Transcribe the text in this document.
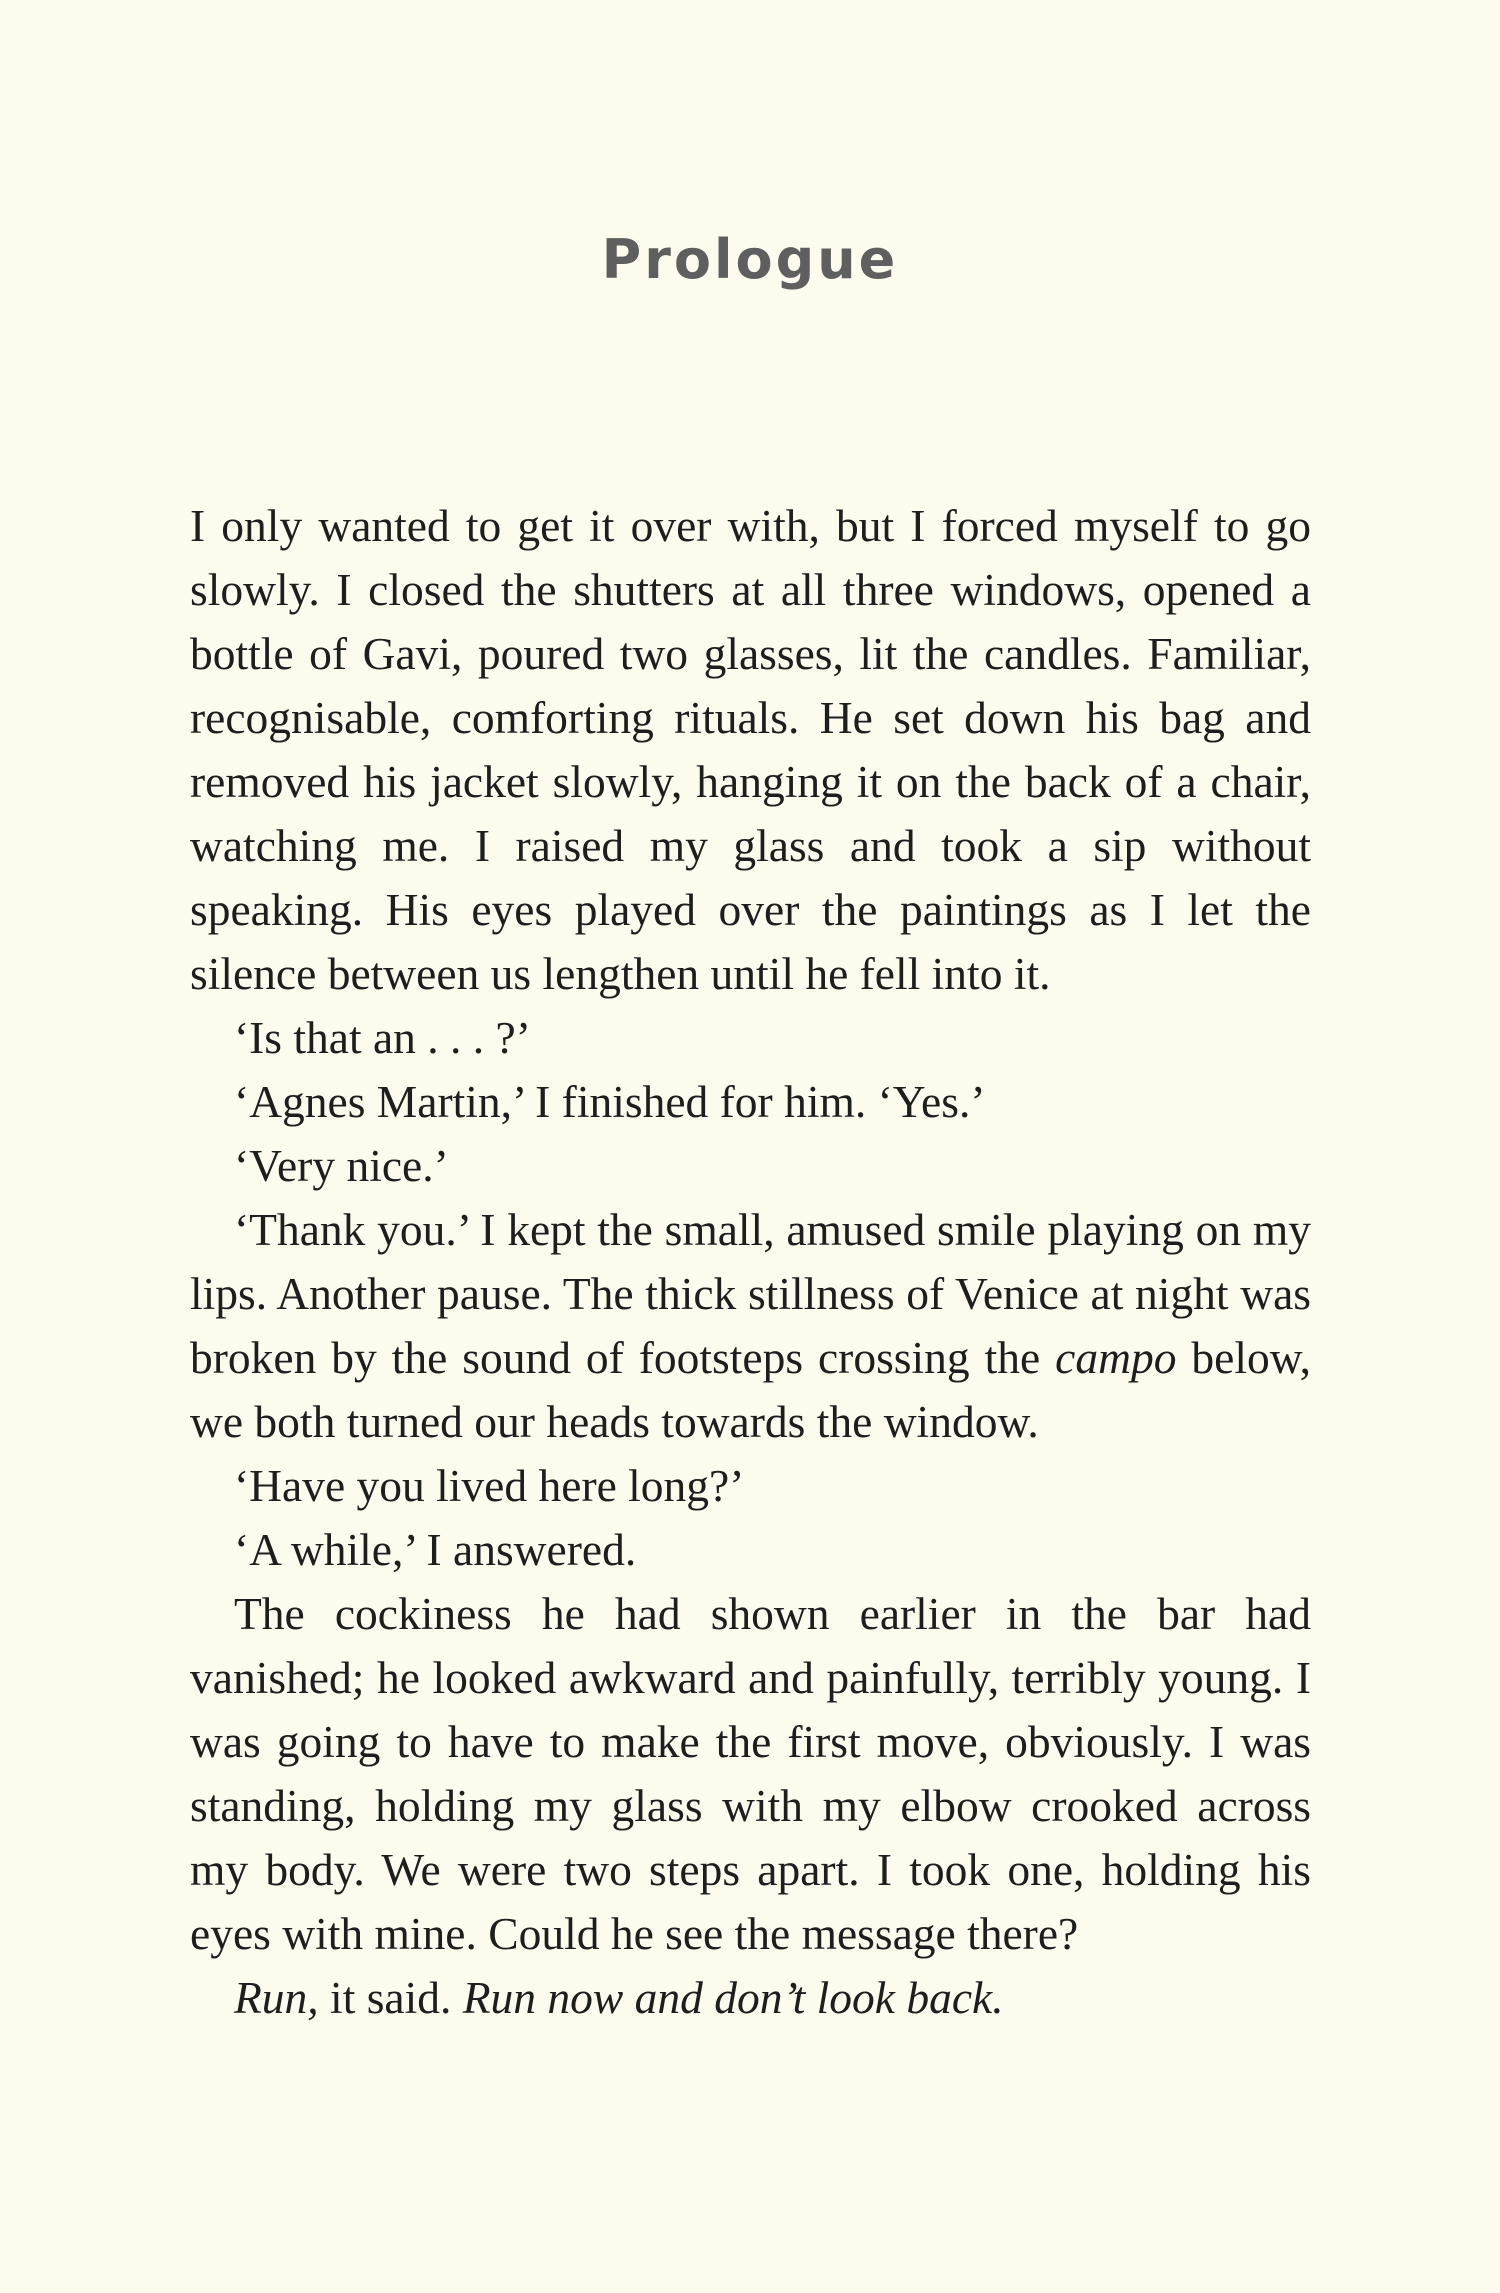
Prologue

I only wanted to get it over with, but I forced myself to go slowly. I closed the shutters at all three windows, opened a bottle of Gavi, poured two glasses, lit the candles. Familiar, recognisable, comforting rituals. He set down his bag and removed his jacket slowly, hanging it on the back of a chair, watching me. I raised my glass and took a sip without speaking. His eyes played over the paintings as I let the silence between us lengthen until he fell into it.

‘Is that an . . . ?’

‘Agnes Martin,’ I finished for him. ‘Yes.’

‘Very nice.’

‘Thank you.’ I kept the small, amused smile playing on my lips. Another pause. The thick stillness of Venice at night was broken by the sound of footsteps crossing the campo below, we both turned our heads towards the window.

‘Have you lived here long?’

‘A while,’ I answered.

The cockiness he had shown earlier in the bar had vanished; he looked awkward and painfully, terribly young. I was going to have to make the first move, obviously. I was standing, holding my glass with my elbow crooked across my body. We were two steps apart. I took one, holding his eyes with mine. Could he see the message there?

Run, it said. Run now and don’t look back.
